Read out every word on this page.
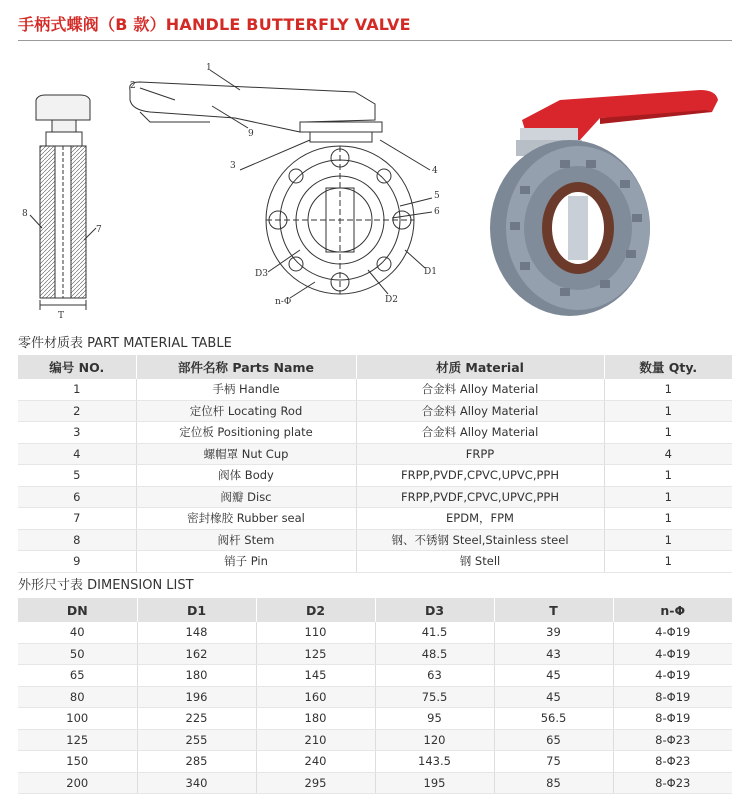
手柄式蝶阀（B 款）HANDLE BUTTERFLY VALVE
T
8
7
1
2
9
3	4
5
6
D3
n-Φ	D2
D1
零件材质表 PART MATERIAL TABLE
编号 NO.	部件名称 Parts Name	材质 Material	数量 Qty.
1	手柄 Handle	合金料 Alloy Material	1
2	定位杆 Locating Rod	合金料 Alloy Material	1
3	定位板 Positioning plate	合金料 Alloy Material	1
4	螺帽罩 Nut Cup	FRPP	4
5	阀体 Body	FRPP,PVDF,CPVC,UPVC,PPH	1
6	阀瓣 Disc	FRPP,PVDF,CPVC,UPVC,PPH	1
7	密封橡胶 Rubber seal	EPDM，FPM	1
8	阀杆 Stem	钢、不锈钢 Steel,Stainless steel	1
9	销子 Pin	钢 Stell	1
外形尺寸表 DIMENSION LIST
DN	D1	D2	D3	T	n-Φ
40	148	110	41.5	39	4-Φ19
50	162	125	48.5	43	4-Φ19
65	180	145	63	45	4-Φ19
80	196	160	75.5	45	8-Φ19
100	225	180	95	56.5	8-Φ19
125	255	210	120	65	8-Φ23
150	285	240	143.5	75	8-Φ23
200	340	295	195	85	8-Φ23
